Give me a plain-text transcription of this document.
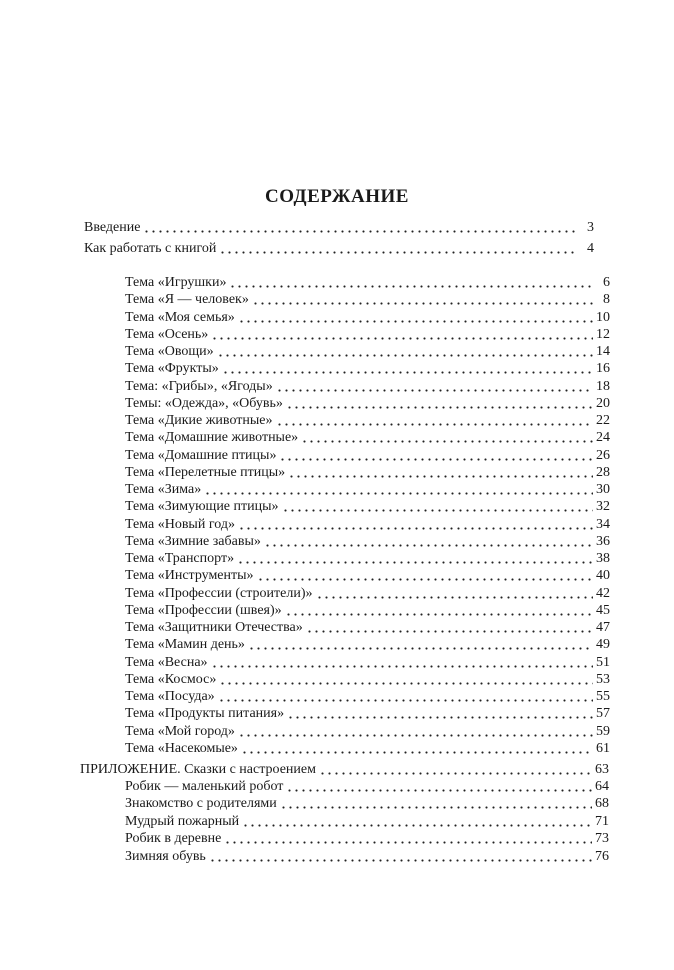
СОДЕРЖАНИЕ
Введение	3
Как работать с книгой	4
Тема «Игрушки»	6
Тема «Я — человек»	8
Тема «Моя семья»	10
Тема «Осень»	12
Тема «Овощи»	14
Тема «Фрукты»	16
Тема: «Грибы», «Ягоды»	18
Темы: «Одежда», «Обувь»	20
Тема «Дикие животные»	22
Тема «Домашние животные»	24
Тема «Домашние птицы»	26
Тема «Перелетные птицы»	28
Тема «Зима»	30
Тема «Зимующие птицы»	32
Тема «Новый год»	34
Тема «Зимние забавы»	36
Тема «Транспорт»	38
Тема «Инструменты»	40
Тема «Профессии (строители)»	42
Тема «Профессии (швея)»	45
Тема «Защитники Отечества»	47
Тема «Мамин день»	49
Тема «Весна»	51
Тема «Космос»	53
Тема «Посуда»	55
Тема «Продукты питания»	57
Тема «Мой город»	59
Тема «Насекомые»	61
ПРИЛОЖЕНИЕ. Сказки с настроением	63
Робик — маленький робот	64
Знакомство с родителями	68
Мудрый пожарный	71
Робик в деревне	73
Зимняя обувь	76
